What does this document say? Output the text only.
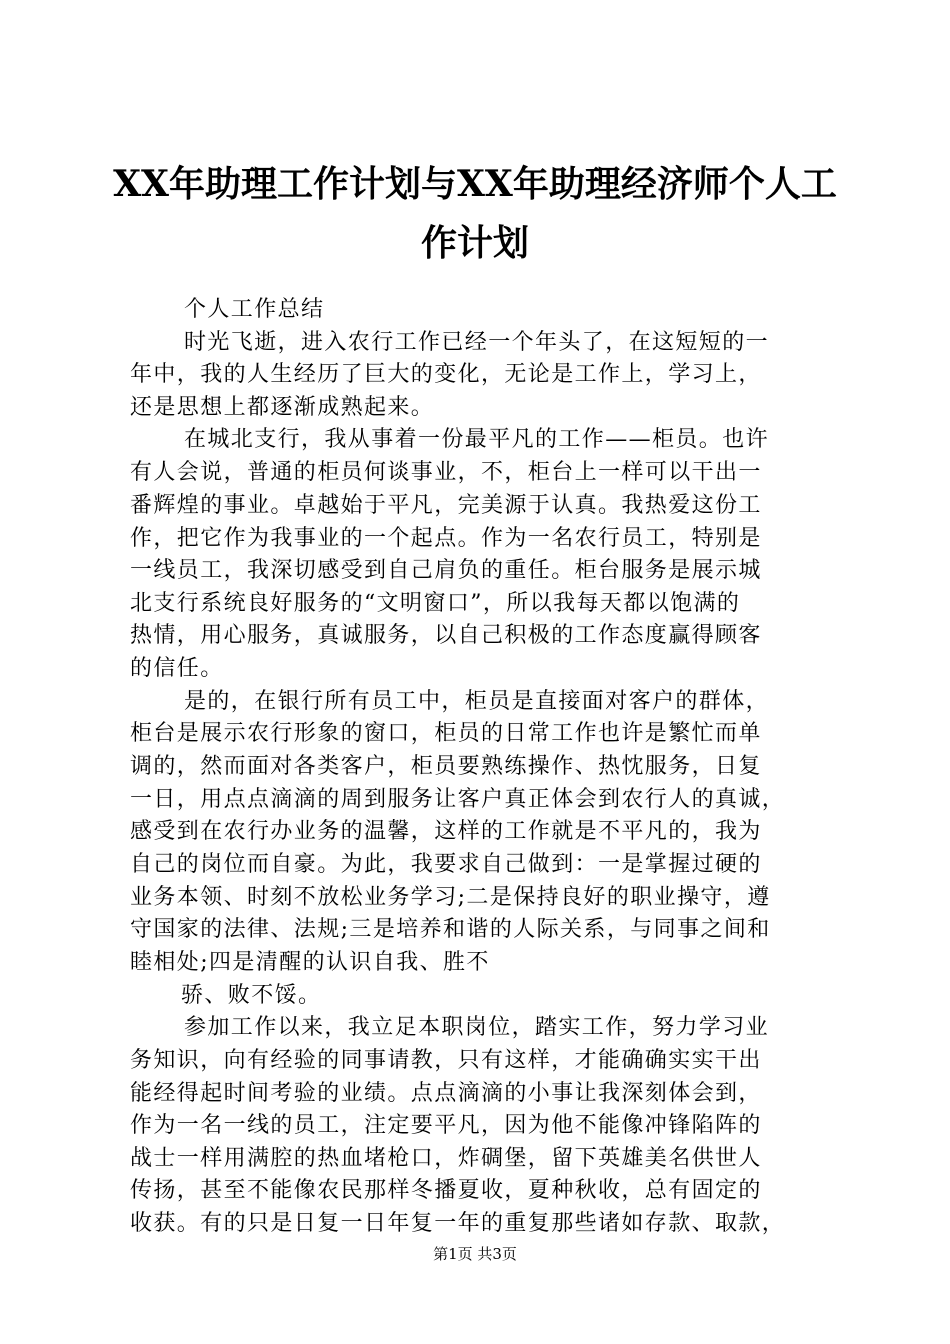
XX年助理工作计划与XX年助理经济师个人工
作计划
个人工作总结
时光飞逝，进入农行工作已经一个年头了，在这短短的一
年中，我的人生经历了巨大的变化，无论是工作上，学习上，
还是思想上都逐渐成熟起来。
在城北支行，我从事着一份最平凡的工作——柜员。也许
有人会说，普通的柜员何谈事业，不，柜台上一样可以干出一
番辉煌的事业。卓越始于平凡，完美源于认真。我热爱这份工
作，把它作为我事业的一个起点。作为一名农行员工，特别是
一线员工，我深切感受到自己肩负的重任。柜台服务是展示城
北支行系统良好服务的“文明窗口”，所以我每天都以饱满的
热情，用心服务，真诚服务，以自己积极的工作态度赢得顾客
的信任。
是的，在银行所有员工中，柜员是直接面对客户的群体，
柜台是展示农行形象的窗口，柜员的日常工作也许是繁忙而单
调的，然而面对各类客户，柜员要熟练操作、热忱服务，日复
一日，用点点滴滴的周到服务让客户真正体会到农行人的真诚，
感受到在农行办业务的温馨，这样的工作就是不平凡的，我为
自己的岗位而自豪。为此，我要求自己做到：一是掌握过硬的
业务本领、时刻不放松业务学习;二是保持良好的职业操守，遵
守国家的法律、法规;三是培养和谐的人际关系，与同事之间和
睦相处;四是清醒的认识自我、胜不
骄、败不馁。
参加工作以来，我立足本职岗位，踏实工作，努力学习业
务知识，向有经验的同事请教，只有这样，才能确确实实干出
能经得起时间考验的业绩。点点滴滴的小事让我深刻体会到，
作为一名一线的员工，注定要平凡，因为他不能像冲锋陷阵的
战士一样用满腔的热血堵枪口，炸碉堡，留下英雄美名供世人
传扬，甚至不能像农民那样冬播夏收，夏种秋收，总有固定的
收获。有的只是日复一日年复一年的重复那些诸如存款、取款，
第1页 共3页
